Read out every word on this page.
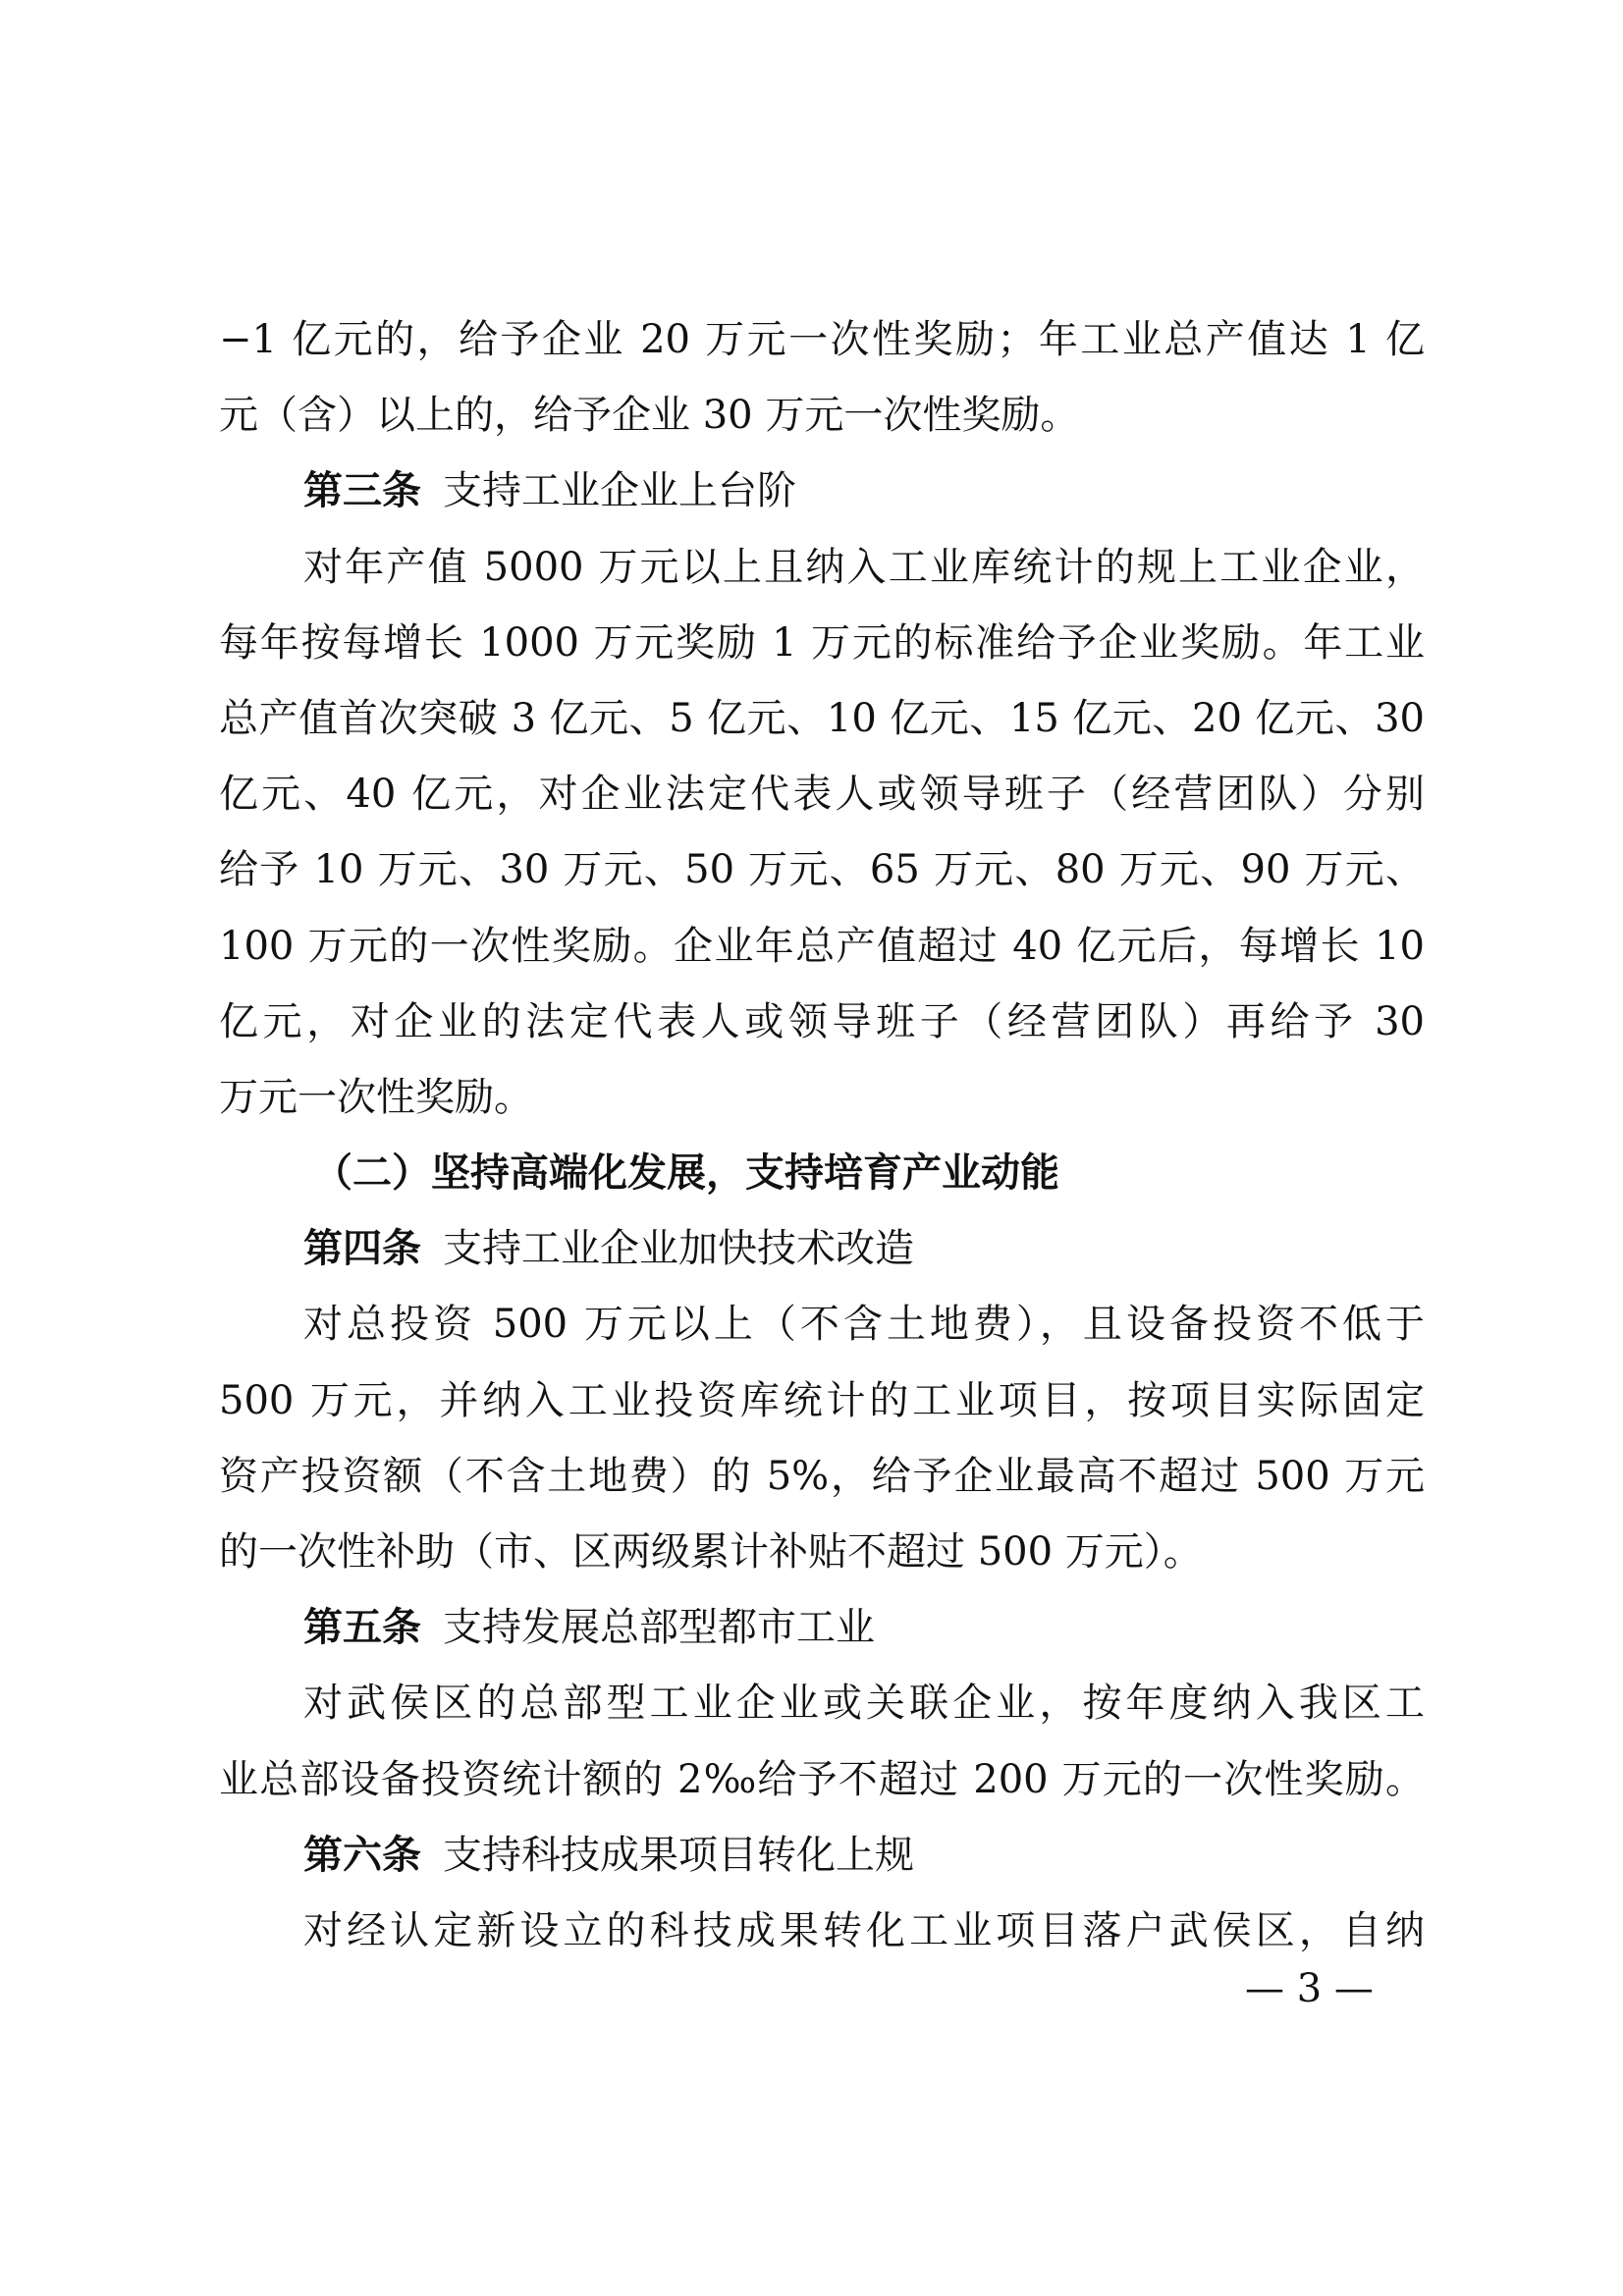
−1 亿元的，给予企业 20 万元一次性奖励；年工业总产值达 1 亿
元（含）以上的，给予企业 30 万元一次性奖励。
第三条 支持工业企业上台阶
对年产值 5000 万元以上且纳入工业库统计的规上工业企业，
每年按每增长 1000 万元奖励 1 万元的标准给予企业奖励。年工业
总产值首次突破 3 亿元、5 亿元、10 亿元、15 亿元、20 亿元、30
亿元、40 亿元，对企业法定代表人或领导班子（经营团队）分别
给予 10 万元、30 万元、50 万元、65 万元、80 万元、90 万元、
100 万元的一次性奖励。企业年总产值超过 40 亿元后，每增长 10
亿元，对企业的法定代表人或领导班子（经营团队）再给予 30
万元一次性奖励。
（二）坚持高端化发展，支持培育产业动能
第四条 支持工业企业加快技术改造
对总投资 500 万元以上（不含土地费），且设备投资不低于
500 万元，并纳入工业投资库统计的工业项目，按项目实际固定
资产投资额（不含土地费）的 5%，给予企业最高不超过 500 万元
的一次性补助（市、区两级累计补贴不超过 500 万元）。
第五条 支持发展总部型都市工业
对武侯区的总部型工业企业或关联企业，按年度纳入我区工
业总部设备投资统计额的 2‰给予不超过 200 万元的一次性奖励。
第六条 支持科技成果项目转化上规
对经认定新设立的科技成果转化工业项目落户武侯区，自纳
— 3 —
